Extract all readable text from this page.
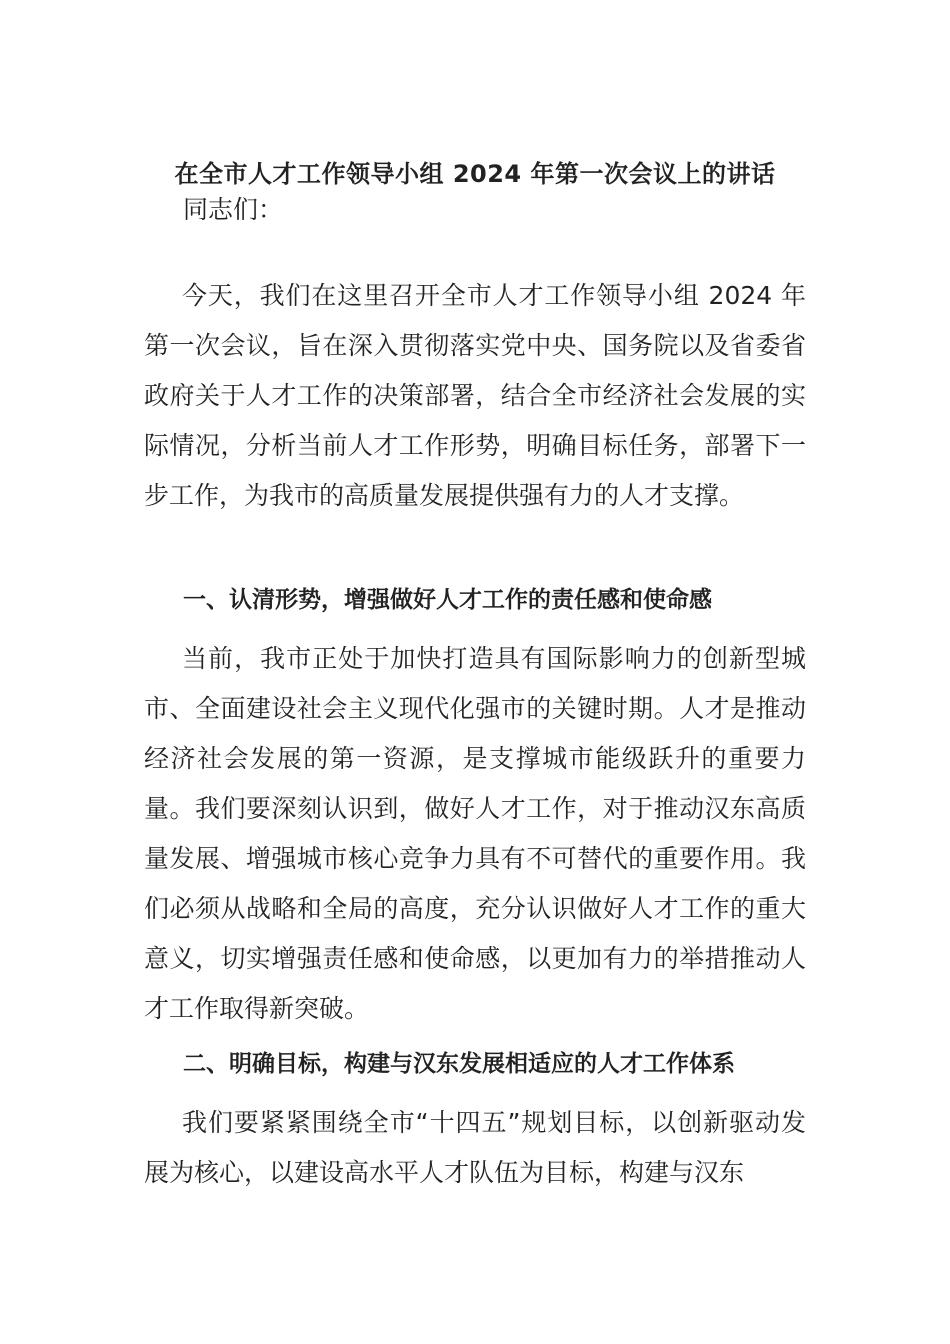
在全市人才工作领导小组 2024 年第一次会议上的讲话
同志们：

今天，我们在这里召开全市人才工作领导小组 2024 年第一次会议，旨在深入贯彻落实党中央、国务院以及省委省政府关于人才工作的决策部署，结合全市经济社会发展的实际情况，分析当前人才工作形势，明确目标任务，部署下一步工作，为我市的高质量发展提供强有力的人才支撑。

一、认清形势，增强做好人才工作的责任感和使命感

当前，我市正处于加快打造具有国际影响力的创新型城市、全面建设社会主义现代化强市的关键时期。人才是推动经济社会发展的第一资源，是支撑城市能级跃升的重要力量。我们要深刻认识到，做好人才工作，对于推动汉东高质量发展、增强城市核心竞争力具有不可替代的重要作用。我们必须从战略和全局的高度，充分认识做好人才工作的重大意义，切实增强责任感和使命感，以更加有力的举措推动人才工作取得新突破。

二、明确目标，构建与汉东发展相适应的人才工作体系

我们要紧紧围绕全市“十四五”规划目标，以创新驱动发展为核心，以建设高水平人才队伍为目标，构建与汉东
